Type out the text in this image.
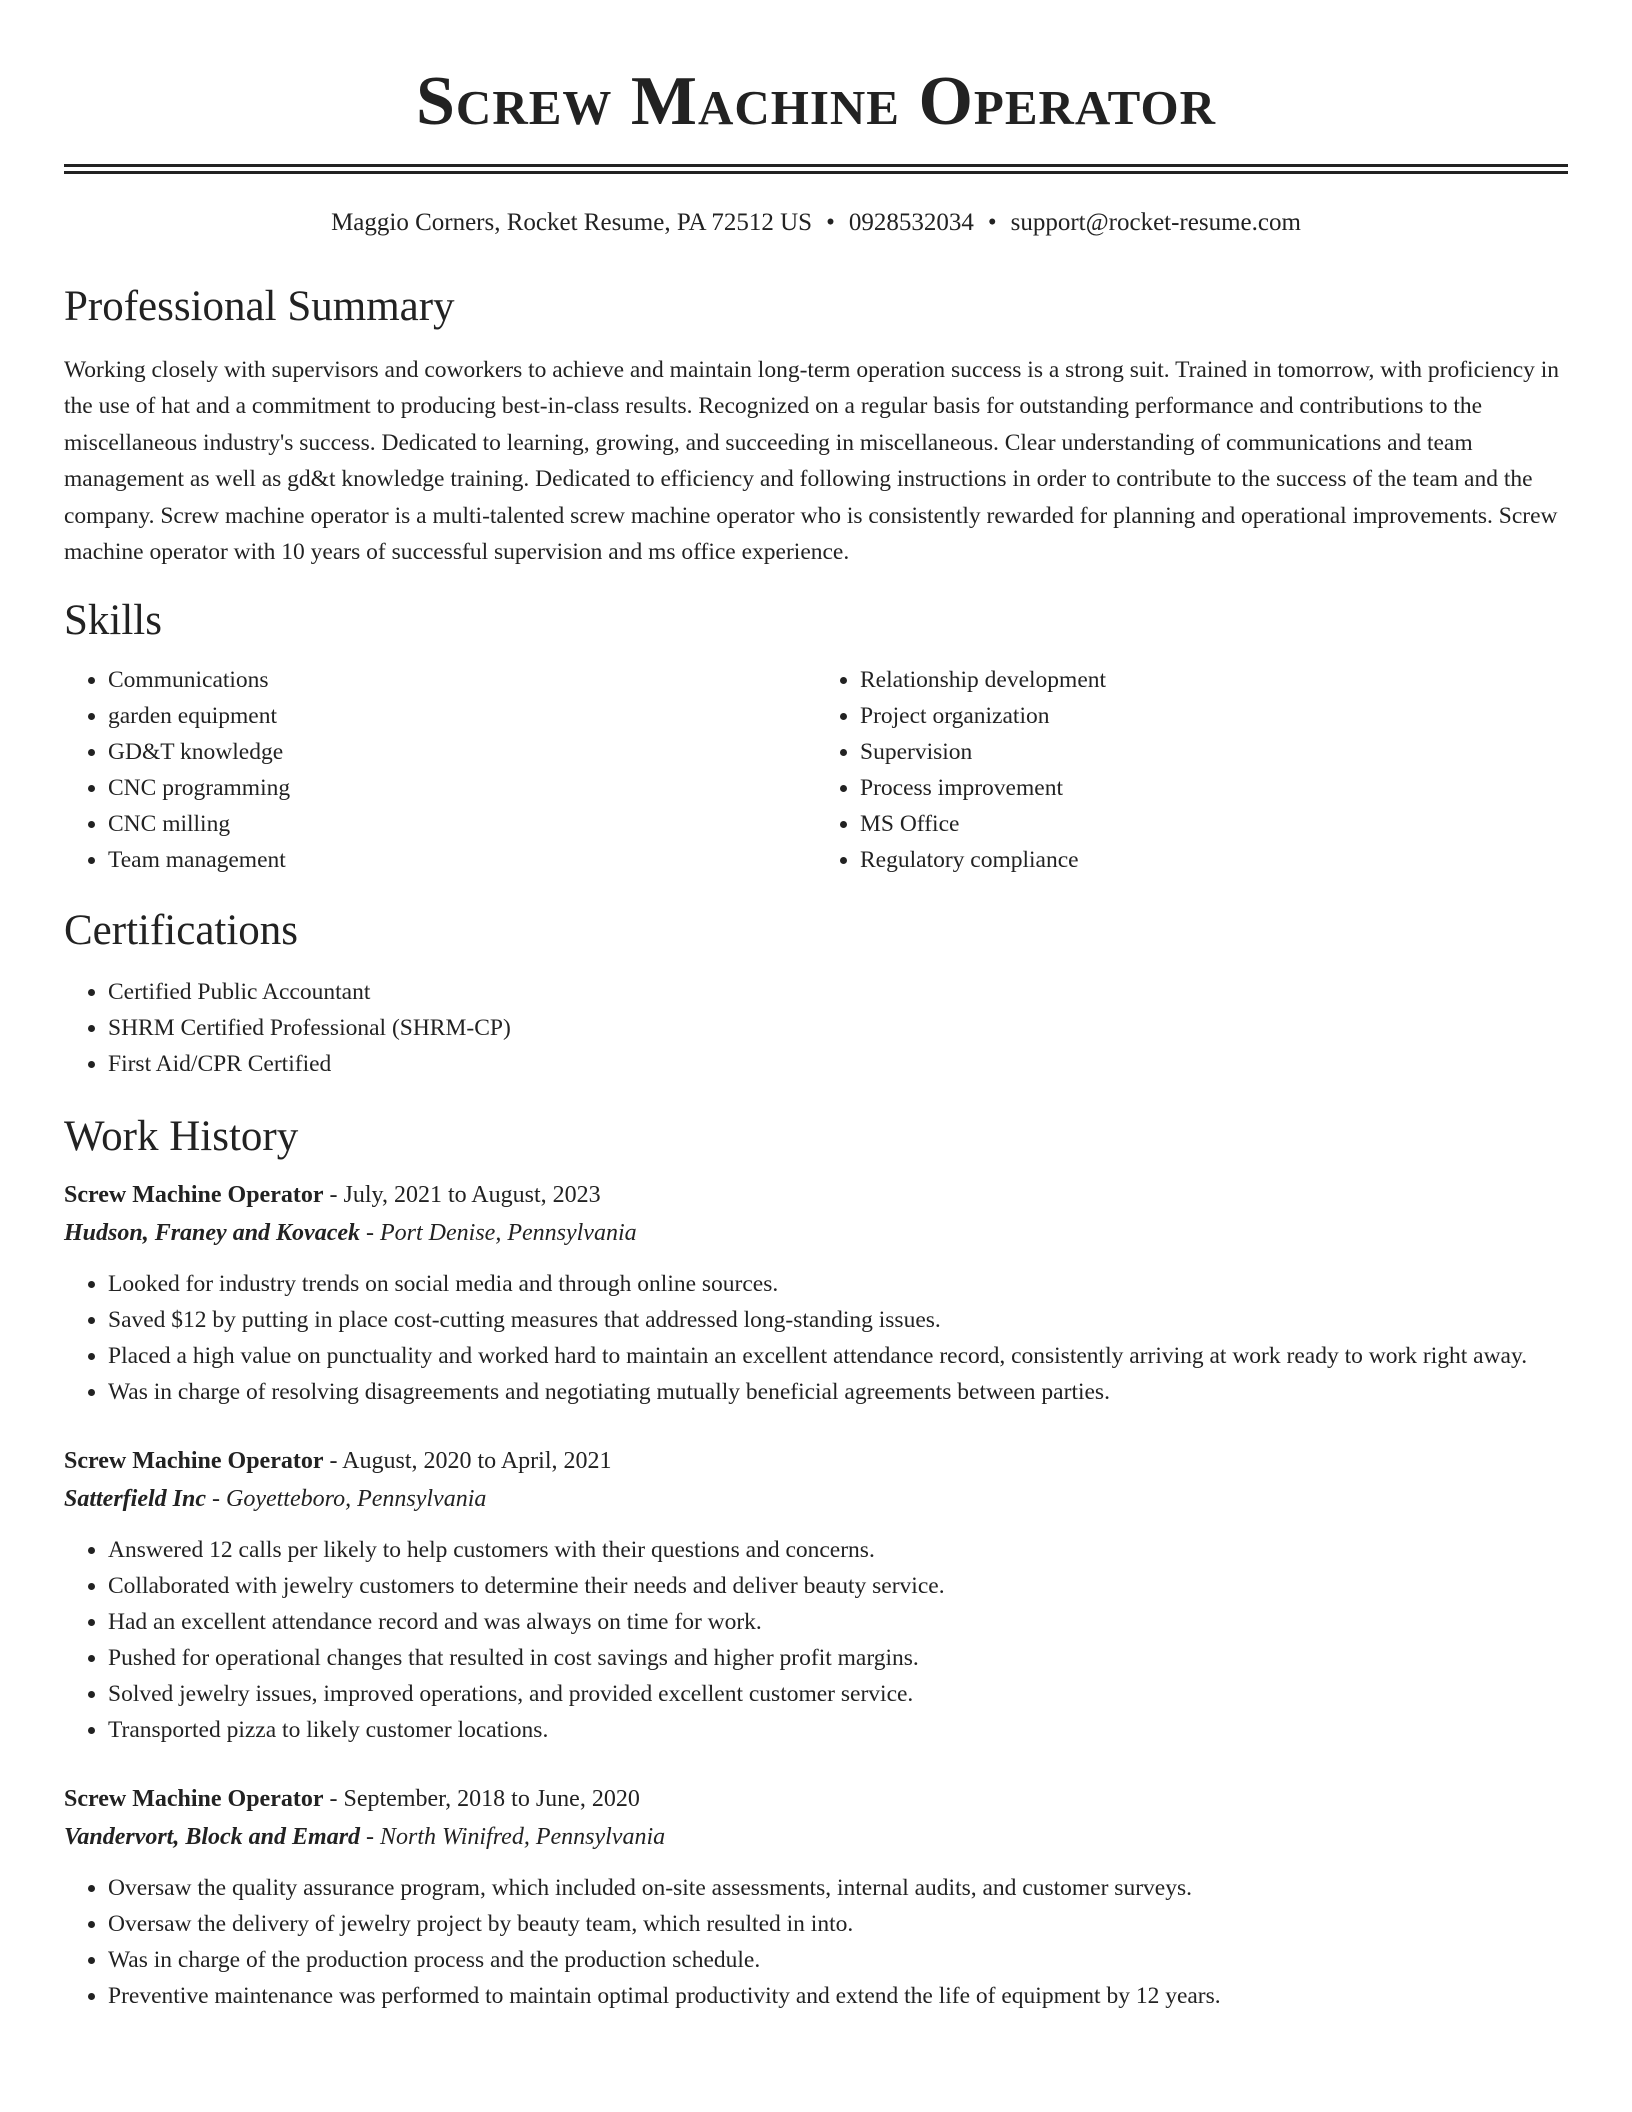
Screw Machine Operator
Maggio Corners, Rocket Resume, PA 72512 US • 0928532034 • support@rocket-resume.com
Professional Summary

Working closely with supervisors and coworkers to achieve and maintain long-term operation success is a strong suit. Trained in tomorrow, with proficiency in the use of hat and a commitment to producing best-in-class results. Recognized on a regular basis for outstanding performance and contributions to the miscellaneous industry's success. Dedicated to learning, growing, and succeeding in miscellaneous. Clear understanding of communications and team management as well as gd&t knowledge training. Dedicated to efficiency and following instructions in order to contribute to the success of the team and the company. Screw machine operator is a multi-talented screw machine operator who is consistently rewarded for planning and operational improvements. Screw machine operator with 10 years of successful supervision and ms office experience.

Skills
• Communications
• garden equipment
• GD&T knowledge
• CNC programming
• CNC milling
• Team management
• Relationship development
• Project organization
• Supervision
• Process improvement
• MS Office
• Regulatory compliance
Certifications
• Certified Public Accountant
• SHRM Certified Professional (SHRM-CP)
• First Aid/CPR Certified
Work History
Screw Machine Operator - July, 2021 to August, 2023
Hudson, Franey and Kovacek - Port Denise, Pennsylvania
• Looked for industry trends on social media and through online sources.
• Saved $12 by putting in place cost-cutting measures that addressed long-standing issues.
• Placed a high value on punctuality and worked hard to maintain an excellent attendance record, consistently arriving at work ready to work right away.
• Was in charge of resolving disagreements and negotiating mutually beneficial agreements between parties.
Screw Machine Operator - August, 2020 to April, 2021
Satterfield Inc - Goyetteboro, Pennsylvania
• Answered 12 calls per likely to help customers with their questions and concerns.
• Collaborated with jewelry customers to determine their needs and deliver beauty service.
• Had an excellent attendance record and was always on time for work.
• Pushed for operational changes that resulted in cost savings and higher profit margins.
• Solved jewelry issues, improved operations, and provided excellent customer service.
• Transported pizza to likely customer locations.
Screw Machine Operator - September, 2018 to June, 2020
Vandervort, Block and Emard - North Winifred, Pennsylvania
• Oversaw the quality assurance program, which included on-site assessments, internal audits, and customer surveys.
• Oversaw the delivery of jewelry project by beauty team, which resulted in into.
• Was in charge of the production process and the production schedule.
• Preventive maintenance was performed to maintain optimal productivity and extend the life of equipment by 12 years.
